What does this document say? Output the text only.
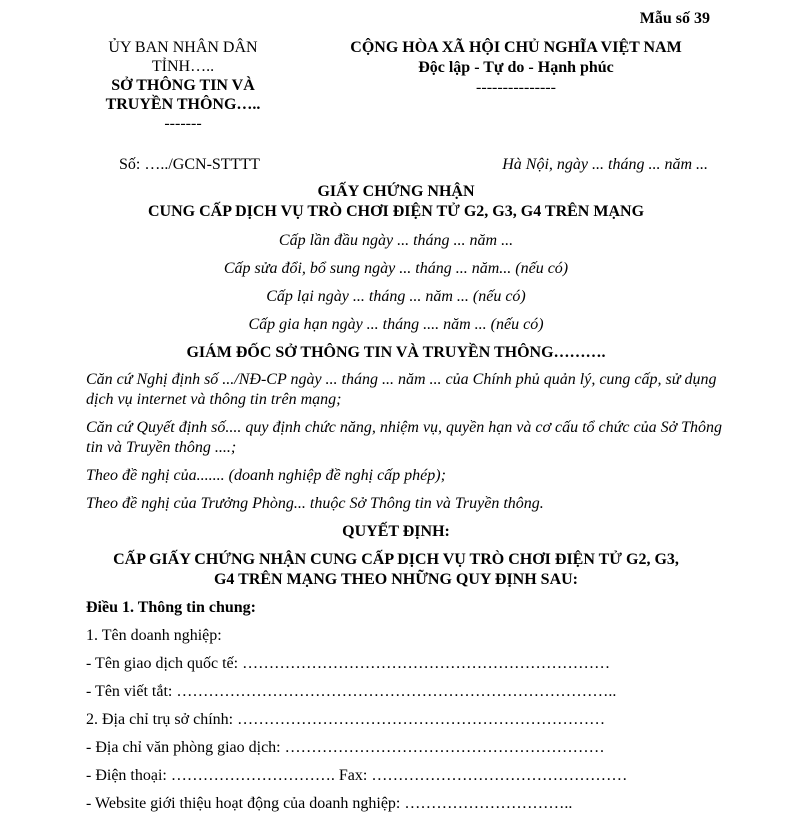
Mẫu số 39
ỦY BAN NHÂN DÂN
TỈNH…..
SỞ THÔNG TIN VÀ
TRUYỀN THÔNG…..
-------
CỘNG HÒA XÃ HỘI CHỦ NGHĨA VIỆT NAM
Độc lập - Tự do - Hạnh phúc
---------------
Số: …../GCN-STTTT	Hà Nội, ngày ... tháng ... năm ...
GIẤY CHỨNG NHẬN
CUNG CẤP DỊCH VỤ TRÒ CHƠI ĐIỆN TỬ G2, G3, G4 TRÊN MẠNG
Cấp lần đầu ngày ... tháng ... năm ...
Cấp sửa đổi, bổ sung ngày ... tháng ... năm... (nếu có)
Cấp lại ngày ... tháng ... năm ... (nếu có)
Cấp gia hạn ngày ... tháng .... năm ... (nếu có)
GIÁM ĐỐC SỞ THÔNG TIN VÀ TRUYỀN THÔNG……….
Căn cứ Nghị định số .../NĐ-CP ngày ... tháng ... năm ... của Chính phủ quản lý, cung cấp, sử dụng dịch vụ internet và thông tin trên mạng;
Căn cứ Quyết định số.... quy định chức năng, nhiệm vụ, quyền hạn và cơ cấu tổ chức của Sở Thông tin và Truyền thông ....;
Theo đề nghị của....... (doanh nghiệp đề nghị cấp phép);
Theo đề nghị của Trưởng Phòng... thuộc Sở Thông tin và Truyền thông.
QUYẾT ĐỊNH:
CẤP GIẤY CHỨNG NHẬN CUNG CẤP DỊCH VỤ TRÒ CHƠI ĐIỆN TỬ G2, G3,
G4 TRÊN MẠNG THEO NHỮNG QUY ĐỊNH SAU:
Điều 1. Thông tin chung:
1. Tên doanh nghiệp:
- Tên giao dịch quốc tế: ……………………………………………………………
- Tên viết tắt: ………………………………………………………………………..
2. Địa chỉ trụ sở chính: ……………………………………………………………
- Địa chỉ văn phòng giao dịch: ……………………………………………………
- Điện thoại: …………………………. Fax: …………………………………………
- Website giới thiệu hoạt động của doanh nghiệp: …………………………..
